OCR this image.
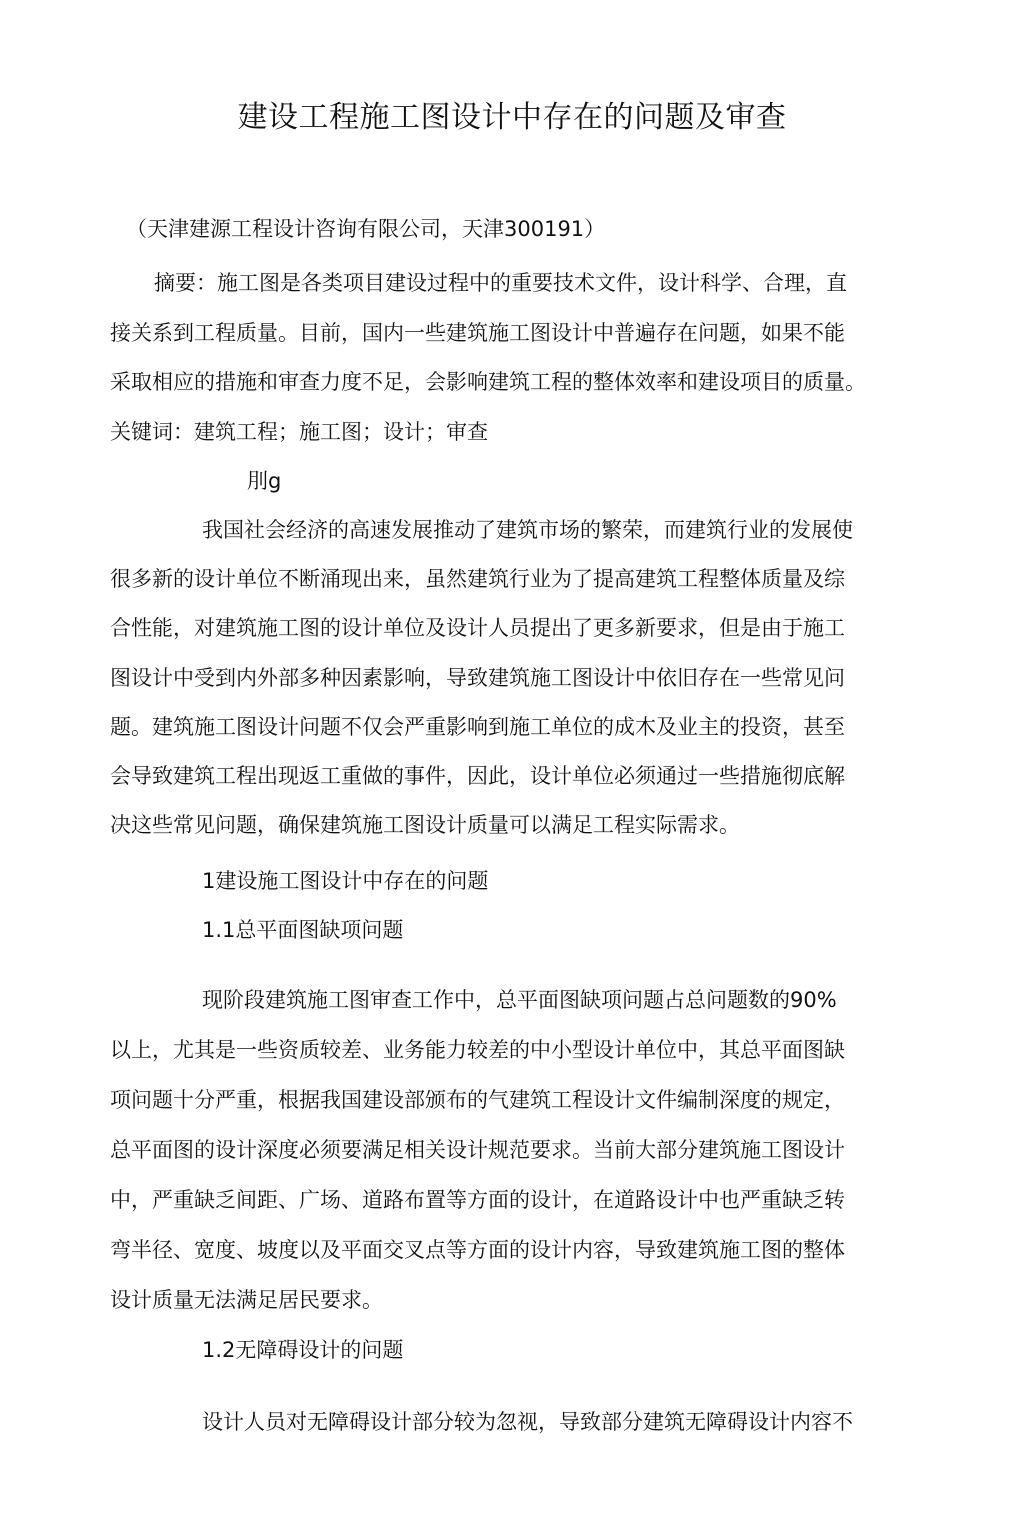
建设工程施工图设计中存在的问题及审查
（天津建源工程设计咨询有限公司，天津300191）
摘要：施工图是各类项目建设过程中的重要技术文件，设计科学、合理，直
接关系到工程质量。目前，国内一些建筑施工图设计中普遍存在问题，如果不能
采取相应的措施和审查力度不足，会影响建筑工程的整体效率和建设项目的质量。
关键词：建筑工程；施工图；设计；审查
刖g
我国社会经济的高速发展推动了建筑市场的繁荣，而建筑行业的发展使
很多新的设计单位不断涌现出来，虽然建筑行业为了提高建筑工程整体质量及综
合性能，对建筑施工图的设计单位及设计人员提出了更多新要求，但是由于施工
图设计中受到内外部多种因素影响，导致建筑施工图设计中依旧存在一些常见问
题。建筑施工图设计问题不仅会严重影响到施工单位的成木及业主的投资，甚至
会导致建筑工程出现返工重做的事件，因此，设计单位必须通过一些措施彻底解
决这些常见问题，确保建筑施工图设计质量可以满足工程实际需求。
1建设施工图设计中存在的问题
1.1总平面图缺项问题
现阶段建筑施工图审查工作中，总平面图缺项问题占总问题数的90%
以上，尤其是一些资质较差、业务能力较差的中小型设计单位中，其总平面图缺
项问题十分严重，根据我国建设部颁布的气建筑工程设计文件编制深度的规定，
总平面图的设计深度必须要满足相关设计规范要求。当前大部分建筑施工图设计
中，严重缺乏间距、广场、道路布置等方面的设计，在道路设计中也严重缺乏转
弯半径、宽度、坡度以及平面交叉点等方面的设计内容，导致建筑施工图的整体
设计质量无法满足居民要求。
1.2无障碍设计的问题
设计人员对无障碍设计部分较为忽视，导致部分建筑无障碍设计内容不
